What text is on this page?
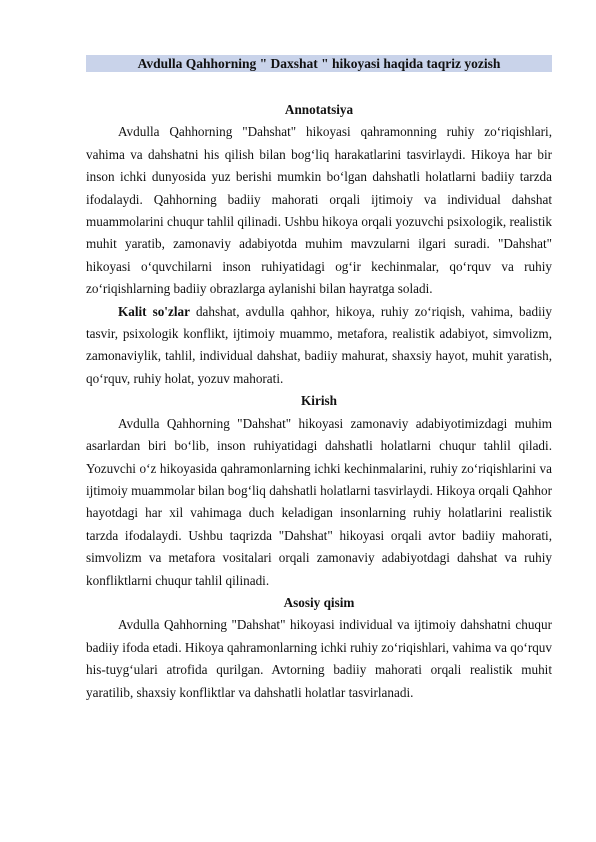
Avdulla Qahhorning " Daxshat " hikoyasi haqida taqriz yozish

Annotatsiya

Avdulla Qahhorning "Dahshat" hikoyasi qahramonning ruhiy zo‘riqishlari, vahima va dahshatni his qilish bilan bog‘liq harakatlarini tasvirlaydi. Hikoya har bir inson ichki dunyosida yuz berishi mumkin bo‘lgan dahshatli holatlarni badiiy tarzda ifodalaydi. Qahhorning badiiy mahorati orqali ijtimoiy va individual dahshat muammolarini chuqur tahlil qilinadi. Ushbu hikoya orqali yozuvchi psixologik, realistik muhit yaratib, zamonaviy adabiyotda muhim mavzularni ilgari suradi. "Dahshat" hikoyasi o‘quvchilarni inson ruhiyatidagi og‘ir kechinmalar, qo‘rquv va ruhiy zo‘riqishlarning badiiy obrazlarga aylanishi bilan hayratga soladi.

Kalit so'zlar dahshat, avdulla qahhor, hikoya, ruhiy zo‘riqish, vahima, badiiy tasvir, psixologik konflikt, ijtimoiy muammo, metafora, realistik adabiyot, simvolizm, zamonaviylik, tahlil, individual dahshat, badiiy mahurat, shaxsiy hayot, muhit yaratish, qo‘rquv, ruhiy holat, yozuv mahorati.

Kirish

Avdulla Qahhorning "Dahshat" hikoyasi zamonaviy adabiyotimizdagi muhim asarlardan biri bo‘lib, inson ruhiyatidagi dahshatli holatlarni chuqur tahlil qiladi. Yozuvchi o‘z hikoyasida qahramonlarning ichki kechinmalarini, ruhiy zo‘riqishlarini va ijtimoiy muammolar bilan bog‘liq dahshatli holatlarni tasvirlaydi. Hikoya orqali Qahhor hayotdagi har xil vahimaga duch keladigan insonlarning ruhiy holatlarini realistik tarzda ifodalaydi. Ushbu taqrizda "Dahshat" hikoyasi orqali avtor badiiy mahorati, simvolizm va metafora vositalari orqali zamonaviy adabiyotdagi dahshat va ruhiy konfliktlarni chuqur tahlil qilinadi.

Asosiy qisim

Avdulla Qahhorning "Dahshat" hikoyasi individual va ijtimoiy dahshatni chuqur badiiy ifoda etadi. Hikoya qahramonlarning ichki ruhiy zo‘riqishlari, vahima va qo‘rquv his-tuyg‘ulari atrofida qurilgan. Avtorning badiiy mahorati orqali realistik muhit yaratilib, shaxsiy konfliktlar va dahshatli holatlar tasvirlanadi.
